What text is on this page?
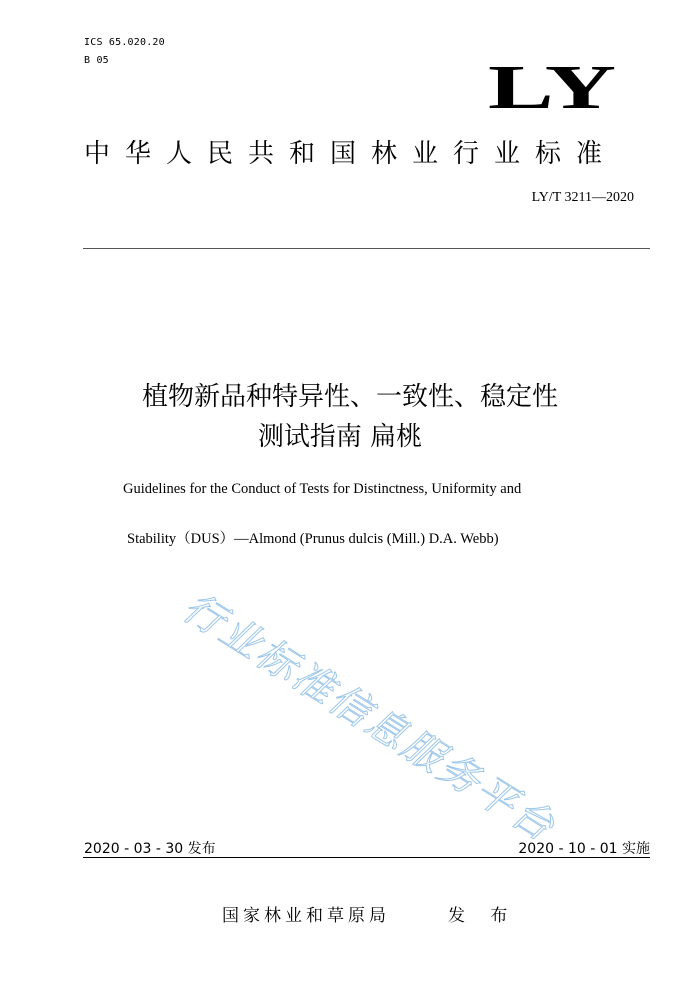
ICS 65.020.20
B 05	LY
中华人民共和国林业行业标准
LY/T 3211—2020
植物新品种特异性、一致性、稳定性
测试指南 扁桃
Guidelines for the Conduct of Tests for Distinctness, Uniformity and
Stability（DUS）—Almond (Prunus dulcis (Mill.) D.A. Webb)
行业标准信息服务平台
2020 - 03 - 30 发布	2020 - 10 - 01 实施
国家林业和草原局	发 布
